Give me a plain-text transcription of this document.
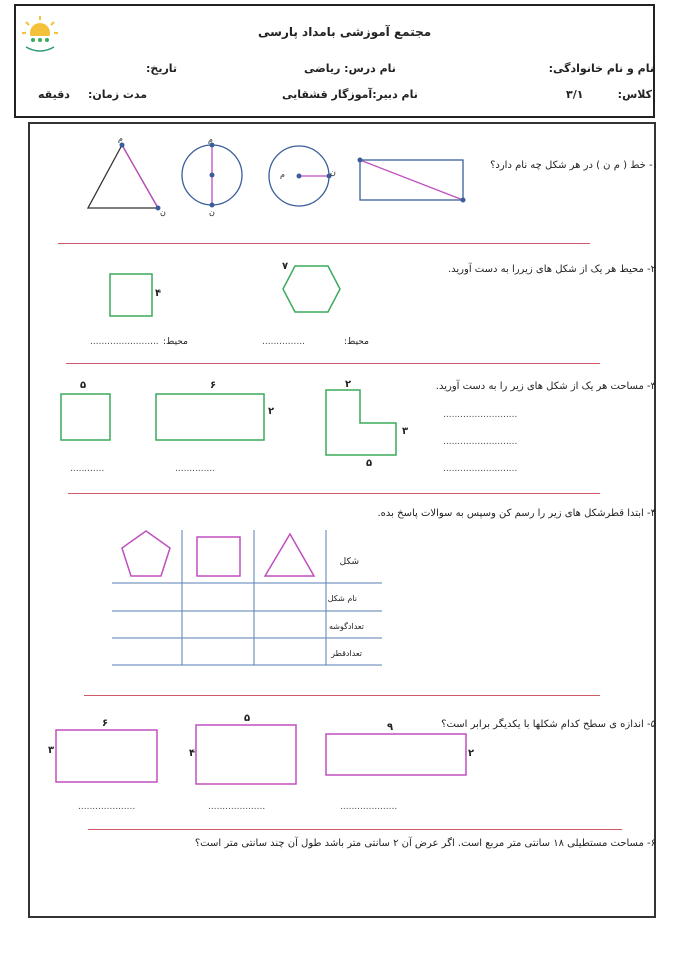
مجتمع آموزشی بامداد پارسی
نام و نام خانوادگی:
نام درس: ریاضی
تاریخ:
کلاس:
۳/۱
نام دبیر:آموزگار قشقایی
مدت زمان:
دقیقه
۱- خط ( م ن ) در هر شکل چه نام دارد؟
م	ن
م
ن
م
ن
۲- محیط هر یک از شکل های زیررا به دست آورید.
۷
۴
محیط:
...............
محیط:
........................
۳- مساحت هر یک از شکل های زیر را به دست آورید.
۲
۳
۵
۶
۲
۵
..........................
..........................
..........................
..............
............
۴- ابتدا قطرشکل های زیر را رسم کن وسپس به سوالات پاسخ بده.
شکل
نام شکل
تعدادگوشه
تعدادقطر
۵- اندازه ی سطح کدام شکلها با یکدیگر برابر است؟
۹
۲
۵
۴
۶
۳
....................
....................
....................
۶- مساحت مستطیلی ۱۸ سانتی متر مربع است. اگر عرض آن ۲ سانتی متر باشد طول آن چند سانتی متر است؟
